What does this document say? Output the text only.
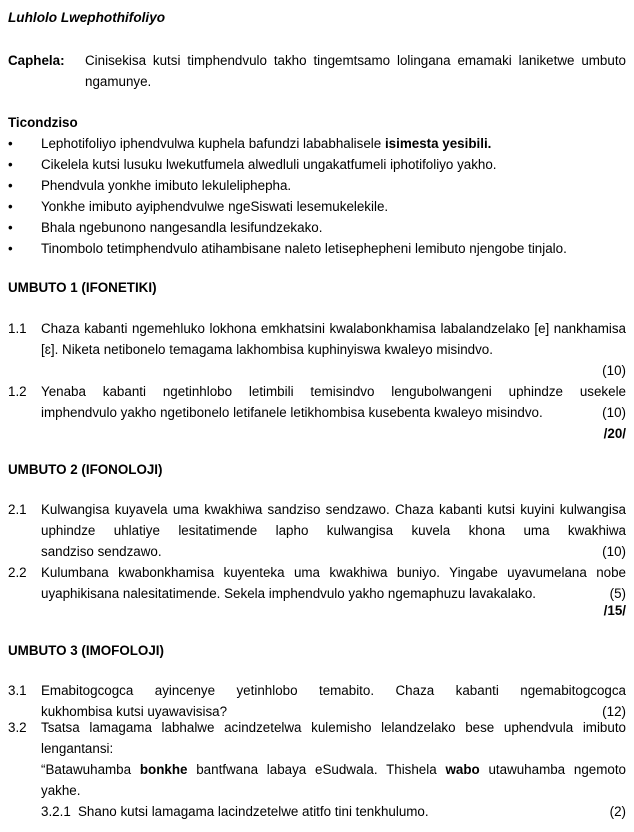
Luhlolo Lwephothifoliyo
Caphela:	Cinisekisa kutsi timphendvulo takho tingemtsamo lolingana emamaki laniketwe umbuto ngamunye.
Ticondziso
• Lephotifoliyo iphendvulwa kuphela bafundzi lababhalisele isimesta yesibili.
• Cikelela kutsi lusuku lwekutfumela alwedluli ungakatfumeli iphotifoliyo yakho.
• Phendvula yonkhe imibuto lekuleliphepha.
• Yonkhe imibuto ayiphendvulwe ngeSiswati lesemukelekile.
• Bhala ngebunono nangesandla lesifundzekako.
• Tinombolo tetimphendvulo atihambisane naleto letisephepheni lemibuto njengobe tinjalo.
UMBUTO 1 (IFONETIKI)
1.1	Chaza kabanti ngemehluko lokhona emkhatsini kwalabonkhamisa labalandzelako [e] nankhamisa [ɛ]. Niketa netibonelo temagama lakhombisa kuphinyiswa kwaleyo misindvo.
(10)
1.2	Yenaba kabanti ngetinhlobo letimbili temisindvo lengubolwangeni uphindze usekele
imphendvulo yakho ngetibonelo letifanele letikhombisa kusebenta kwaleyo misindvo.	(10)
/20/
UMBUTO 2 (IFONOLOJI)
2.1	Kulwangisa kuyavela uma kwakhiwa sandziso sendzawo. Chaza kabanti kutsi kuyini kulwangisa uphindze uhlatiye lesitatimende lapho kulwangisa kuvela khona uma kwakhiwa
sandziso sendzawo.	(10)
2.2	Kulumbana kwabonkhamisa kuyenteka uma kwakhiwa buniyo. Yingabe uyavumelana nobe
uyaphikisana nalesitatimende. Sekela imphendvulo yakho ngemaphuzu lavakalako.	(5)
/15/
UMBUTO 3 (IMOFOLOJI)
3.1	Emabitogcogca ayincenye yetinhlobo temabito. Chaza kabanti ngemabitogcogca
kukhombisa kutsi uyawavisisa?	(12)
3.2	Tsatsa lamagama labhalwe acindzetelwa kulemisho lelandzelako bese uphendvula imibuto lengantansi:
“Batawuhamba bonkhe bantfwana labaya eSudwala. Thishela wabo utawuhamba ngemoto yakhe.
3.2.1 Shano kutsi lamagama lacindzetelwe atitfo tini tenkhulumo.	(2)
